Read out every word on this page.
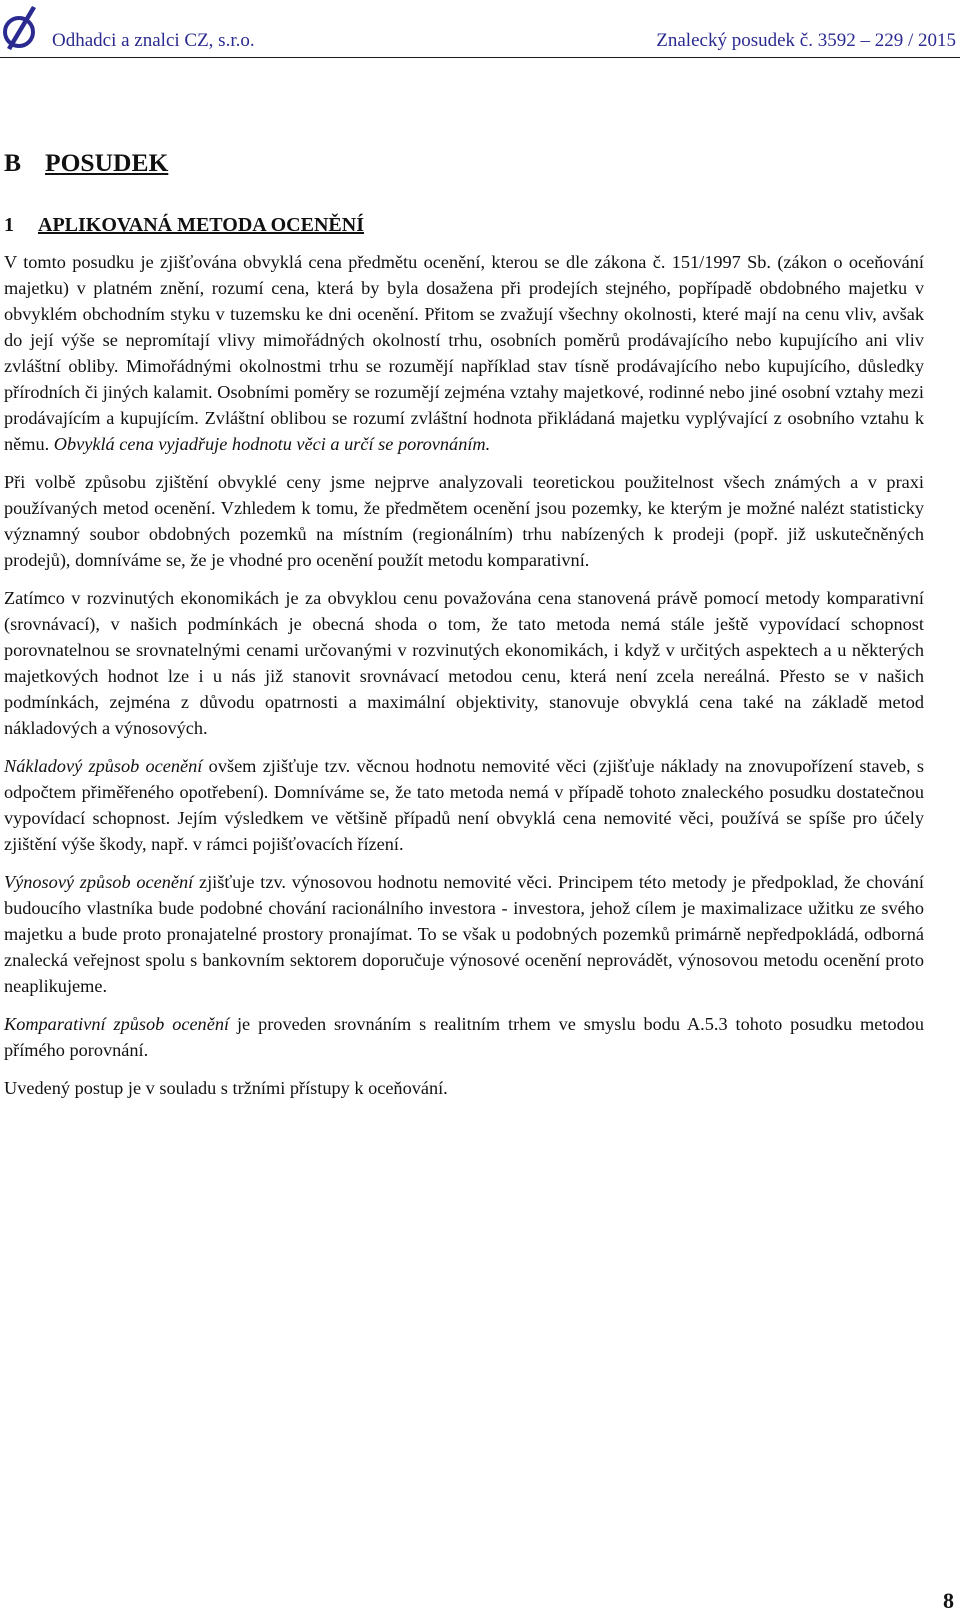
Odhadci a znalci CZ, s.r.o.	Znalecký posudek č. 3592 – 229 / 2015
B POSUDEK
1 APLIKOVANÁ METODA OCENĚNÍ

V tomto posudku je zjišťována obvyklá cena předmětu ocenění, kterou se dle zákona č. 151/1997 Sb. (zákon o oceňování majetku) v platném znění, rozumí cena, která by byla dosažena při prodejích stejného, popřípadě obdobného majetku v obvyklém obchodním styku v tuzemsku ke dni ocenění. Přitom se zvažují všechny okolnosti, které mají na cenu vliv, avšak do její výše se nepromítají vlivy mimořádných okolností trhu, osobních poměrů prodávajícího nebo kupujícího ani vliv zvláštní obliby. Mimořádnými okolnostmi trhu se rozumějí například stav tísně prodávajícího nebo kupujícího, důsledky přírodních či jiných kalamit. Osobními poměry se rozumějí zejména vztahy majetkové, rodinné nebo jiné osobní vztahy mezi prodávajícím a kupujícím. Zvláštní oblibou se rozumí zvláštní hodnota přikládaná majetku vyplývající z osobního vztahu k němu. Obvyklá cena vyjadřuje hodnotu věci a určí se porovnáním.

Při volbě způsobu zjištění obvyklé ceny jsme nejprve analyzovali teoretickou použitelnost všech známých a v praxi používaných metod ocenění. Vzhledem k tomu, že předmětem ocenění jsou pozemky, ke kterým je možné nalézt statisticky významný soubor obdobných pozemků na místním (regionálním) trhu nabízených k prodeji (popř. již uskutečněných prodejů), domníváme se, že je vhodné pro ocenění použít metodu komparativní.

Zatímco v rozvinutých ekonomikách je za obvyklou cenu považována cena stanovená právě pomocí metody komparativní (srovnávací), v našich podmínkách je obecná shoda o tom, že tato metoda nemá stále ještě vypovídací schopnost porovnatelnou se srovnatelnými cenami určovanými v rozvinutých ekonomikách, i když v určitých aspektech a u některých majetkových hodnot lze i u nás již stanovit srovnávací metodou cenu, která není zcela nereálná. Přesto se v našich podmínkách, zejména z důvodu opatrnosti a maximální objektivity, stanovuje obvyklá cena také na základě metod nákladových a výnosových.

Nákladový způsob ocenění ovšem zjišťuje tzv. věcnou hodnotu nemovité věci (zjišťuje náklady na znovupořízení staveb, s odpočtem přiměřeného opotřebení). Domníváme se, že tato metoda nemá v případě tohoto znaleckého posudku dostatečnou vypovídací schopnost. Jejím výsledkem ve většině případů není obvyklá cena nemovité věci, používá se spíše pro účely zjištění výše škody, např. v rámci pojišťovacích řízení.

Výnosový způsob ocenění zjišťuje tzv. výnosovou hodnotu nemovité věci. Principem této metody je předpoklad, že chování budoucího vlastníka bude podobné chování racionálního investora - investora, jehož cílem je maximalizace užitku ze svého majetku a bude proto pronajatelné prostory pronajímat. To se však u podobných pozemků primárně nepředpokládá, odborná znalecká veřejnost spolu s bankovním sektorem doporučuje výnosové ocenění neprovádět, výnosovou metodu ocenění proto neaplikujeme.

Komparativní způsob ocenění je proveden srovnáním s realitním trhem ve smyslu bodu A.5.3 tohoto posudku metodou přímého porovnání.

Uvedený postup je v souladu s tržními přístupy k oceňování.

8
